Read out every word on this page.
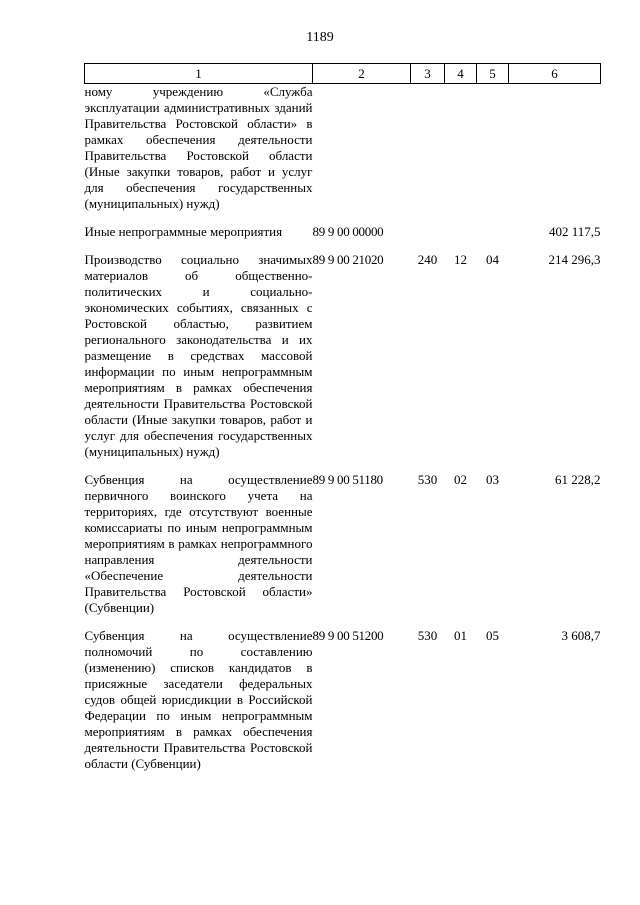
1189
1	2	3	4	5	6
ному учреждению «Служба эксплуатации административных зданий Правительства Ростовской области» в рамках обеспечения деятельности Правительства Ростовской области (Иные закупки товаров, работ и услуг для обеспечения государственных (муниципальных) нужд)					
Иные непрограммные мероприятия	89 9 00 00000				402 117,5
Производство социально значимых материалов об общественно-политических и социально-экономических событиях, связанных с Ростовской областью, развитием регионального законодательства и их размещение в средствах массовой информации по иным непрограммным мероприятиям в рамках обеспечения деятельности Правительства Ростовской области (Иные закупки товаров, работ и услуг для обеспечения государственных (муниципальных) нужд)	89 9 00 21020	240	12	04	214 296,3
Субвенция на осуществление первичного воинского учета на территориях, где отсутствуют военные комиссариаты по иным непрограммным мероприятиям в рамках непрограммного направления деятельности «Обеспечение деятельности Правительства Ростовской области» (Субвенции)	89 9 00 51180	530	02	03	61 228,2
Субвенция на осуществление полномочий по составлению (изменению) списков кандидатов в присяжные заседатели федеральных судов общей юрисдикции в Российской Федерации по иным непрограммным мероприятиям в рамках обеспечения деятельности Правительства Ростовской области (Субвенции)	89 9 00 51200	530	01	05	3 608,7
